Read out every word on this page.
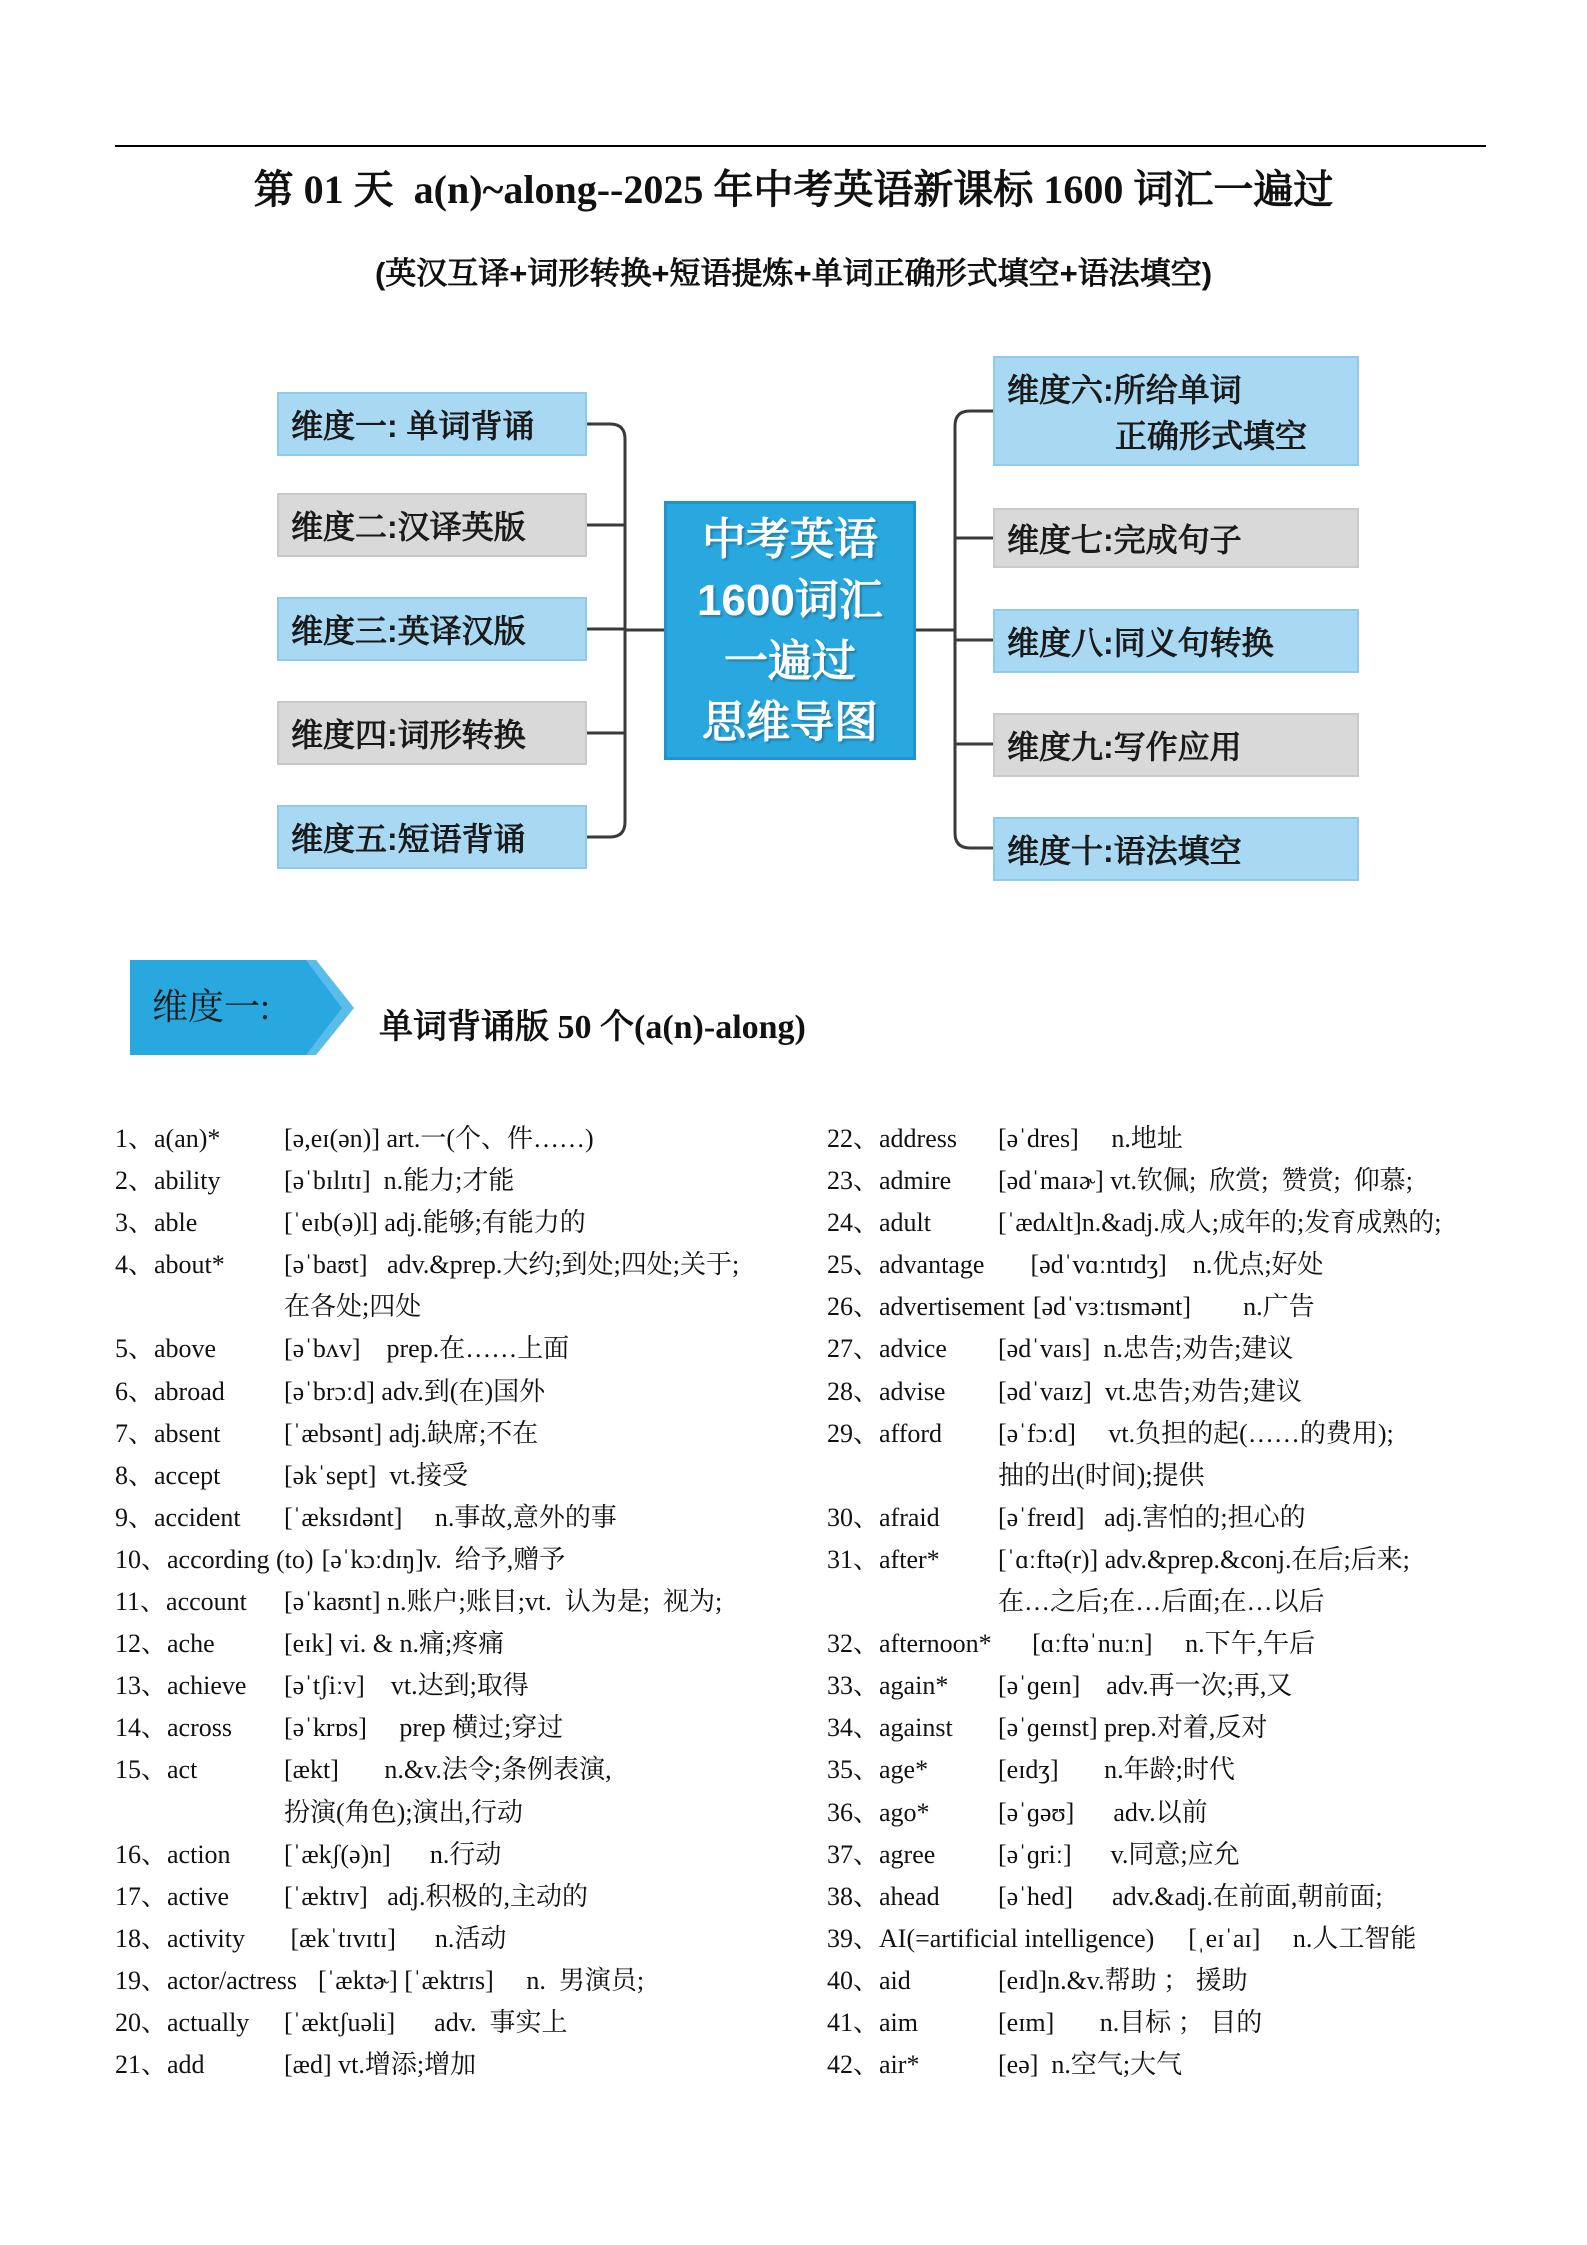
第 01 天  a(n)~along--2025 年中考英语新课标 1600 词汇一遍过
(英汉互译+词形转换+短语提炼+单词正确形式填空+语法填空)
维度一: 单词背诵
维度二:汉译英版
维度三:英译汉版
维度四:词形转换
维度五:短语背诵
中考英语
1600词汇
一遍过
思维导图
维度六:所给单词
正确形式填空
维度七:完成句子
维度八:同义句转换
维度九:写作应用
维度十:语法填空
维度一:
单词背诵版 50 个(a(n)-along)
1、a(an)*	[ə,eɪ(ən)] art.一(个、件……)
2、ability	[əˈbɪlɪtɪ]  n.能力;才能
3、able	[ˈeɪb(ə)l] adj.能够;有能力的
4、about*	[əˈbaʊt]   adv.&prep.大约;到处;四处;关于;
在各处;四处
5、above	[əˈbʌv]    prep.在……上面
6、abroad	[əˈbrɔːd] adv.到(在)国外
7、absent	[ˈæbsənt] adj.缺席;不在
8、accept	[əkˈsept]  vt.接受
9、accident	[ˈæksɪdənt]     n.事故,意外的事
10、according (to) [əˈkɔːdɪŋ]v.  给予,赠予
11、account	[əˈkaʊnt] n.账户;账目;vt.  认为是;  视为;
12、ache	[eɪk] vi. & n.痛;疼痛
13、achieve	[əˈtʃiːv]    vt.达到;取得
14、across	[əˈkrɒs]     prep 横过;穿过
15、act	[ækt]       n.&v.法令;条例表演,
扮演(角色);演出,行动
16、action	[ˈækʃ(ə)n]      n.行动
17、active	[ˈæktɪv]   adj.积极的,主动的
18、activity	[ækˈtɪvɪtɪ]      n.活动
19、actor/actress [ˈæktɚ] [ˈæktrɪs]     n.  男演员;
20、actually	[ˈæktʃuəli]      adv.  事实上
21、add	[æd] vt.增添;增加
22、address	[əˈdres]     n.地址
23、admire	[ədˈmaɪɚ] vt.钦佩;  欣赏;  赞赏;  仰慕;
24、adult	[ˈædʌlt]n.&adj.成人;成年的;发育成熟的;
25、advantage [ədˈvɑːntɪdʒ]    n.优点;好处
26、advertisement [ədˈvɜːtɪsmənt]        n.广告
27、advice	[ədˈvaɪs]  n.忠告;劝告;建议
28、advise	[ədˈvaɪz]  vt.忠告;劝告;建议
29、afford	[əˈfɔːd]     vt.负担的起(……的费用);
抽的出(时间);提供
30、afraid	[əˈfreɪd]   adj.害怕的;担心的
31、after*	[ˈɑːftə(r)] adv.&prep.&conj.在后;后来;
在…之后;在…后面;在…以后
32、afternoon* [ɑːftəˈnuːn]     n.下午,午后
33、again*	[əˈɡeɪn]    adv.再一次;再,又
34、against	[əˈɡeɪnst] prep.对着,反对
35、age*	[eɪdʒ]       n.年龄;时代
36、ago*	[əˈɡəʊ]      adv.以前
37、agree	[əˈɡriː]      v.同意;应允
38、ahead	[əˈhed]      adv.&adj.在前面,朝前面;
39、AI(=artificial intelligence) [ˌeɪˈaɪ]     n.人工智能
40、aid	[eɪd]n.&v.帮助 ； 援助
41、aim	[eɪm]       n.目标 ； 目的
42、air*	[eə]  n.空气;大气
